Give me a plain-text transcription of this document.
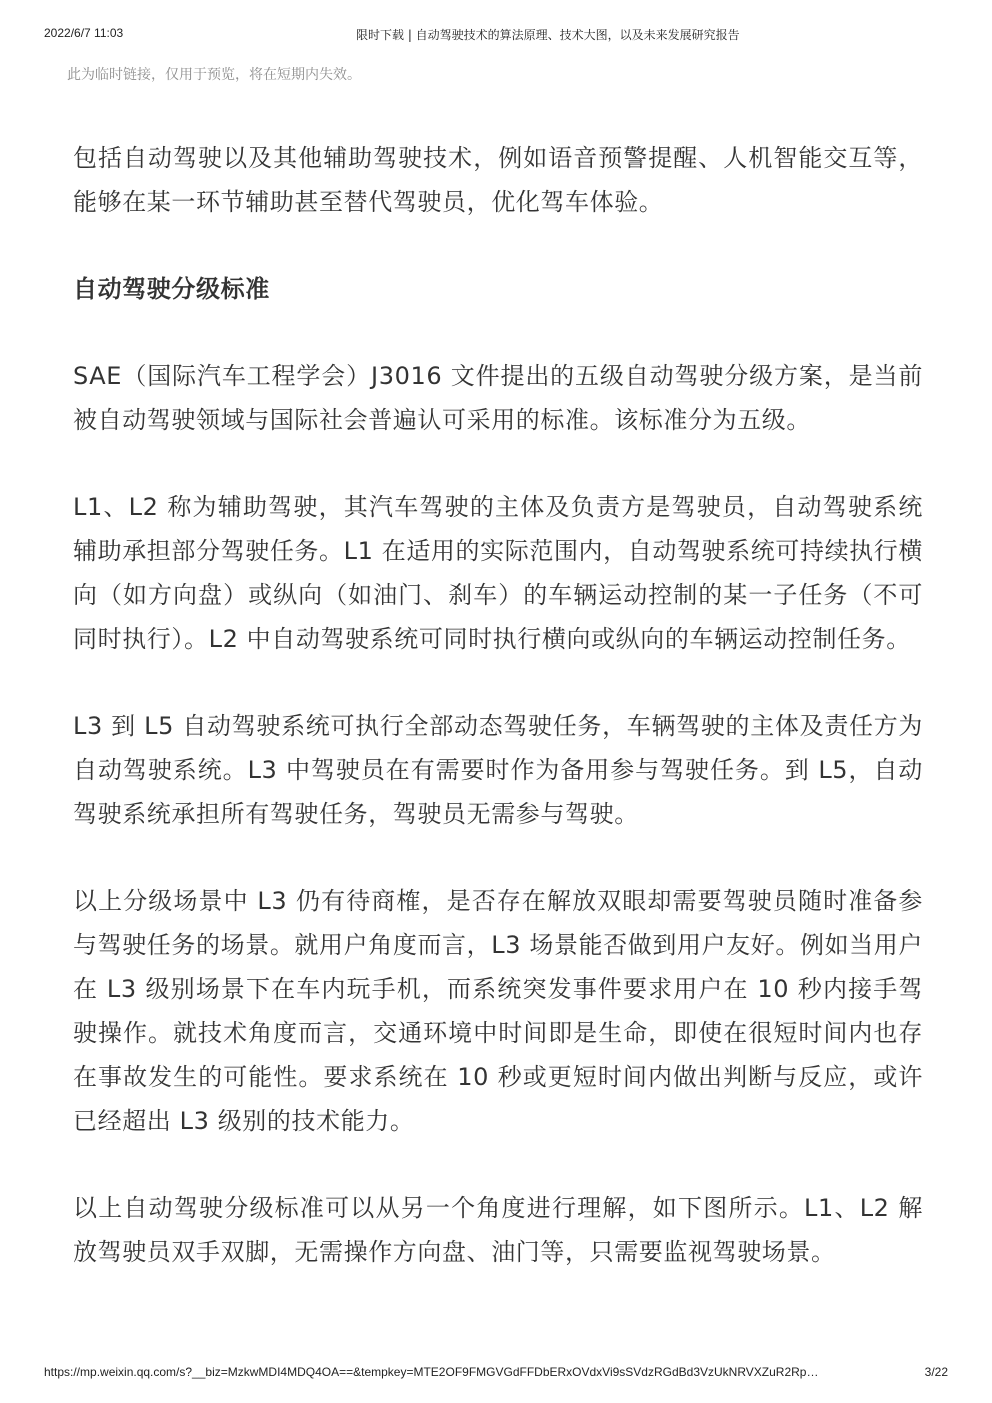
2022/6/7 11:03	限时下载 | 自动驾驶技术的算法原理、技术大图，以及未来发展研究报告
此为临时链接，仅用于预览，将在短期内失效。

包括自动驾驶以及其他辅助驾驶技术，例如语音预警提醒、人机智能交互等，能够在某一环节辅助甚至替代驾驶员，优化驾车体验。

自动驾驶分级标准

SAE（国际汽车工程学会）J3016 文件提出的五级自动驾驶分级方案，是当前被自动驾驶领域与国际社会普遍认可采用的标准。该标准分为五级。

L1、L2 称为辅助驾驶，其汽车驾驶的主体及负责方是驾驶员，自动驾驶系统辅助承担部分驾驶任务。L1 在适用的实际范围内，自动驾驶系统可持续执行横向（如方向盘）或纵向（如油门、刹车）的车辆运动控制的某一子任务（不可同时执行）。L2 中自动驾驶系统可同时执行横向或纵向的车辆运动控制任务。

L3 到 L5 自动驾驶系统可执行全部动态驾驶任务，车辆驾驶的主体及责任方为自动驾驶系统。L3 中驾驶员在有需要时作为备用参与驾驶任务。到 L5，自动驾驶系统承担所有驾驶任务，驾驶员无需参与驾驶。

以上分级场景中 L3 仍有待商榷，是否存在解放双眼却需要驾驶员随时准备参与驾驶任务的场景。就用户角度而言，L3 场景能否做到用户友好。例如当用户在 L3 级别场景下在车内玩手机，而系统突发事件要求用户在 10 秒内接手驾驶操作。就技术角度而言，交通环境中时间即是生命，即使在很短时间内也存在事故发生的可能性。要求系统在 10 秒或更短时间内做出判断与反应，或许已经超出 L3 级别的技术能力。

以上自动驾驶分级标准可以从另一个角度进行理解，如下图所示。L1、L2 解放驾驶员双手双脚，无需操作方向盘、油门等，只需要监视驾驶场景。

https://mp.weixin.qq.com/s?__biz=MzkwMDI4MDQ4OA==&tempkey=MTE2OF9FMGVGdFFDbERxOVdxVi9sSVdzRGdBd3VzUkNRVXZuR2Rp…	3/22
